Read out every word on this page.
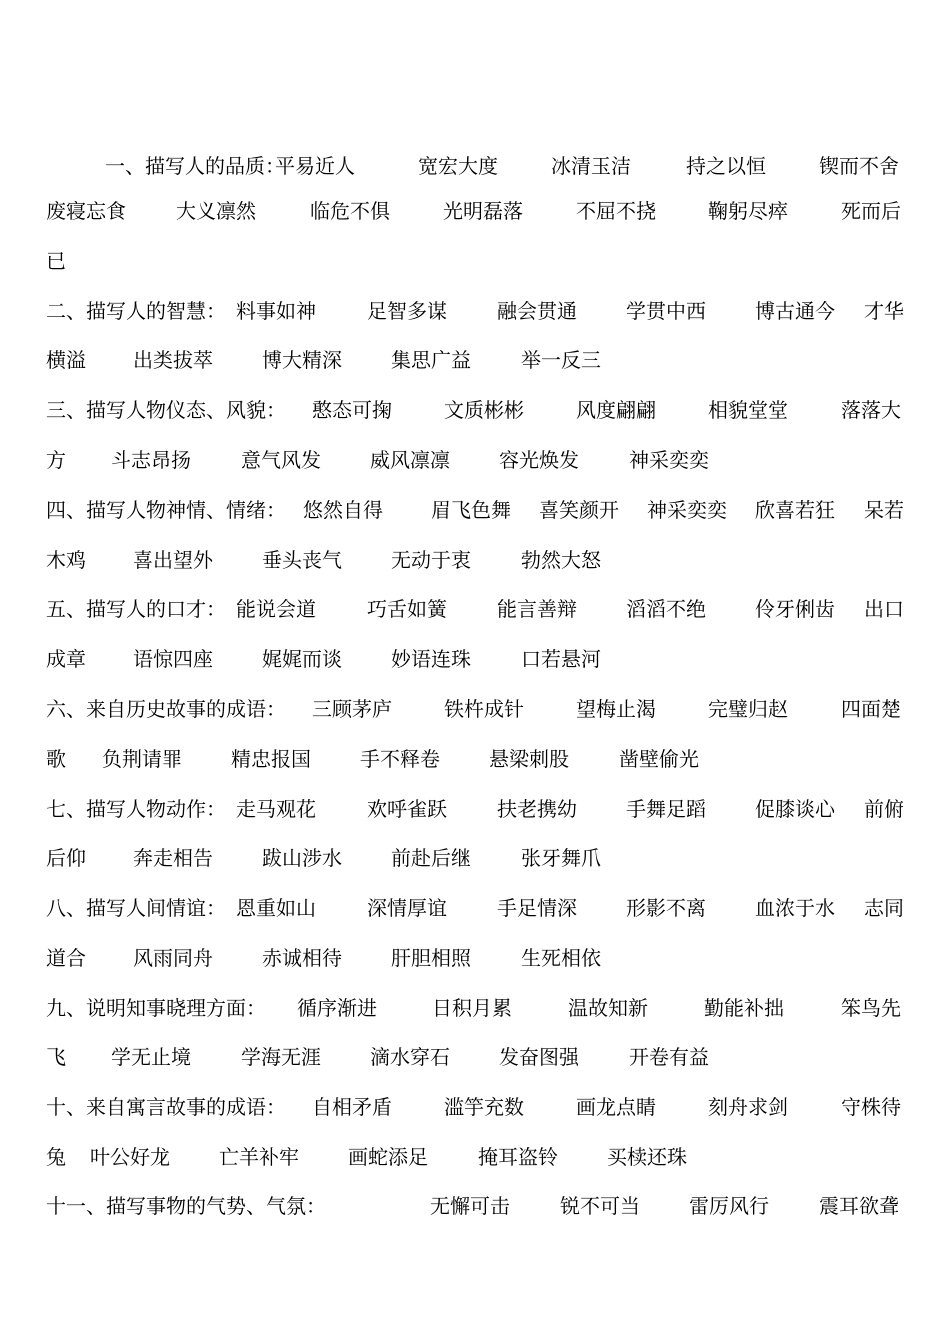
一、描写人的品质：
平易近人	宽宏大度	冰清玉洁	持之以恒	锲而不舍
废寝忘食	大义凛然	临危不俱	光明磊落	不屈不挠	鞠躬尽瘁	死而后
已
二、描写人的智慧： 料事如神	足智多谋	融会贯通 学贯中西 博古通今 才华
横溢 出类拔萃 博大精深 集思广益	举一反三
三、描写人物仪态、风貌： 憨态可掬	文质彬彬	风度翩翩	相貌堂堂	落落大
方 斗志昂扬	意气风发 威风凛凛 容光焕发	神采奕奕
四、描写人物神情、情绪： 悠然自得 眉飞色舞 喜笑颜开 神采奕奕 欣喜若狂 呆若
木鸡 喜出望外 垂头丧气 无动于衷	勃然大怒
五、描写人的口才： 能说会道	巧舌如簧	能言善辩 滔滔不绝 伶牙俐齿 出口
成章 语惊四座 娓娓而谈 妙语连珠	口若悬河
六、来自历史故事的成语： 三顾茅庐	铁杵成针	望梅止渴	完璧归赵	四面楚
歌 负荆请罪 精忠报国 手不释卷 悬梁刺股	凿壁偷光
七、描写人物动作： 走马观花	欢呼雀跃	扶老携幼 手舞足蹈 促膝谈心 前俯
后仰 奔走相告 跋山涉水 前赴后继	张牙舞爪
八、描写人间情谊： 恩重如山	深情厚谊	手足情深 形影不离 血浓于水 志同
道合 风雨同舟 赤诚相待 肝胆相照	生死相依
九、说明知事晓理方面： 循序渐进	日积月累	温故知新	勤能补拙	笨鸟先
飞 学无止境	学海无涯 滴水穿石 发奋图强	开卷有益
十、来自寓言故事的成语： 自相矛盾	滥竽充数	画龙点睛	刻舟求剑	守株待
兔 叶公好龙 亡羊补牢 画蛇添足	掩耳盗铃 买椟还珠
十一、描写事物的气势、气氛：	无懈可击	锐不可当 雷厉风行	震耳欲聋
